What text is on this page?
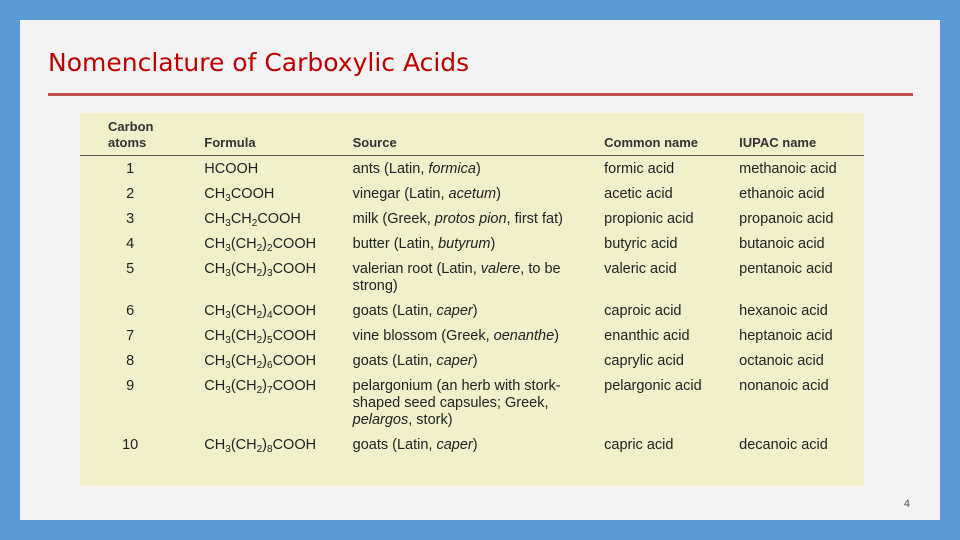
Nomenclature of Carboxylic Acids
Carbon
atoms	Formula	Source	Common name	IUPAC name
1	HCOOH	ants (Latin, formica)	formic acid	methanoic acid
2	$CH_3COOH$	vinegar (Latin, acetum)	acetic acid	ethanoic acid
3	$CH_3CH_2COOH$	milk (Greek, protos pion, first fat)	propionic acid	propanoic acid
4	$CH_3(CH_2)_2COOH$	butter (Latin, butyrum)	butyric acid	butanoic acid
5	$CH_3(CH_2)_3COOH$	valerian root (Latin, valere, to be strong)	valeric acid	pentanoic acid
6	$CH_3(CH_2)_4COOH$	goats (Latin, caper)	caproic acid	hexanoic acid
7	$CH_3(CH_2)_5COOH$	vine blossom (Greek, oenanthe)	enanthic acid	heptanoic acid
8	$CH_3(CH_2)_6COOH$	goats (Latin, caper)	caprylic acid	octanoic acid
9	$CH_3(CH_2)_7COOH$	pelargonium (an herb with stork-shaped seed capsules; Greek, pelargos, stork)	pelargonic acid	nonanoic acid
10	$CH_3(CH_2)_8COOH$	goats (Latin, caper)	capric acid	decanoic acid
4
